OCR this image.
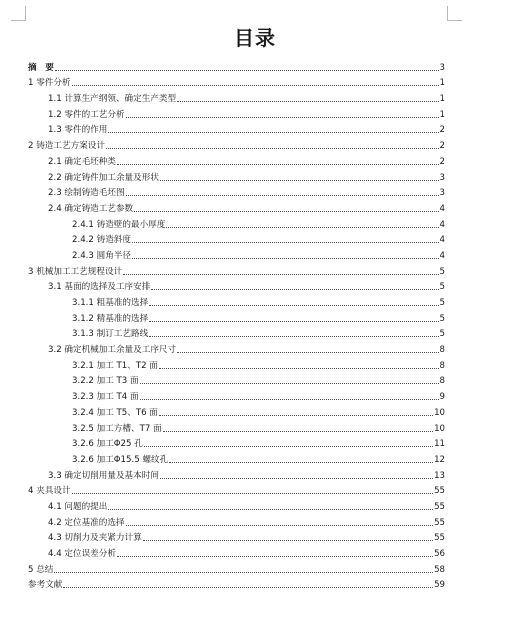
目录
摘　要	3
1 零件分析	1
1.1 计算生产纲领、确定生产类型	1
1.2 零件的工艺分析	1
1.3 零件的作用	2
2 铸造工艺方案设计	2
2.1 确定毛坯种类	2
2.2 确定铸件加工余量及形状	3
2.3 绘制铸造毛坯图	3
2.4 确定铸造工艺参数	4
2.4.1 铸造壁的最小厚度	4
2.4.2 铸造斜度	4
2.4.3 圆角半径	4
3 机械加工工艺规程设计	5
3.1 基面的选择及工序安排	5
3.1.1 粗基准的选择	5
3.1.2 精基准的选择	5
3.1.3 制订工艺路线	5
3.2 确定机械加工余量及工序尺寸	8
3.2.1 加工 T1、T2 面	8
3.2.2 加工 T3 面	8
3.2.3 加工 T4 面	9
3.2.4 加工 T5、T6 面	10
3.2.5 加工方槽、T7 面	10
3.2.6 加工Φ25 孔	11
3.2.6 加工Φ15.5 螺纹孔	12
3.3 确定切削用量及基本时间	13
4 夹具设计	55
4.1 问题的提出	55
4.2 定位基准的选择	55
4.3 切削力及夹紧力计算	55
4.4 定位误差分析	56
5 总结	58
参考文献	59
